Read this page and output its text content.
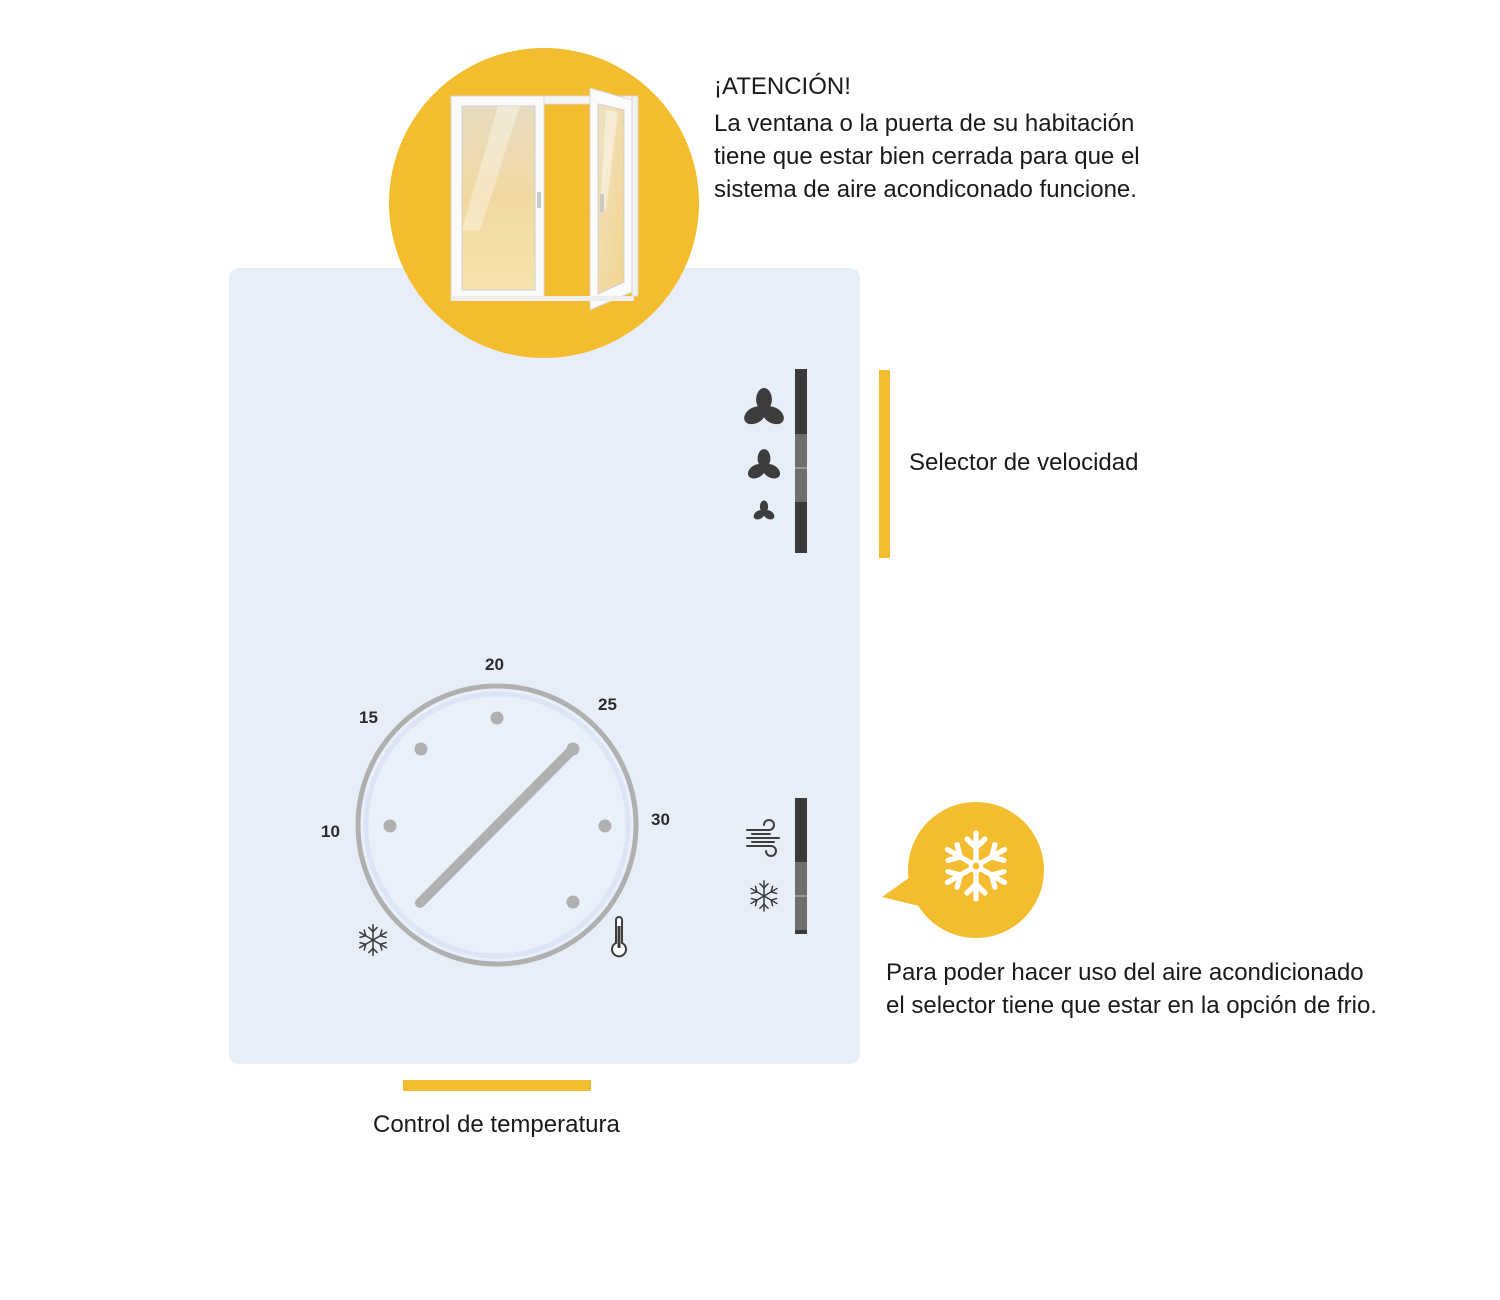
20
15
25
10
30
¡ATENCIÓN!
La ventana o la puerta de su habitación
tiene que estar bien cerrada para que el
sistema de aire acondiconado funcione.
Selector de velocidad
Para poder hacer uso del aire acondicionado
el selector tiene que estar en la opción de frio.
Control de temperatura
